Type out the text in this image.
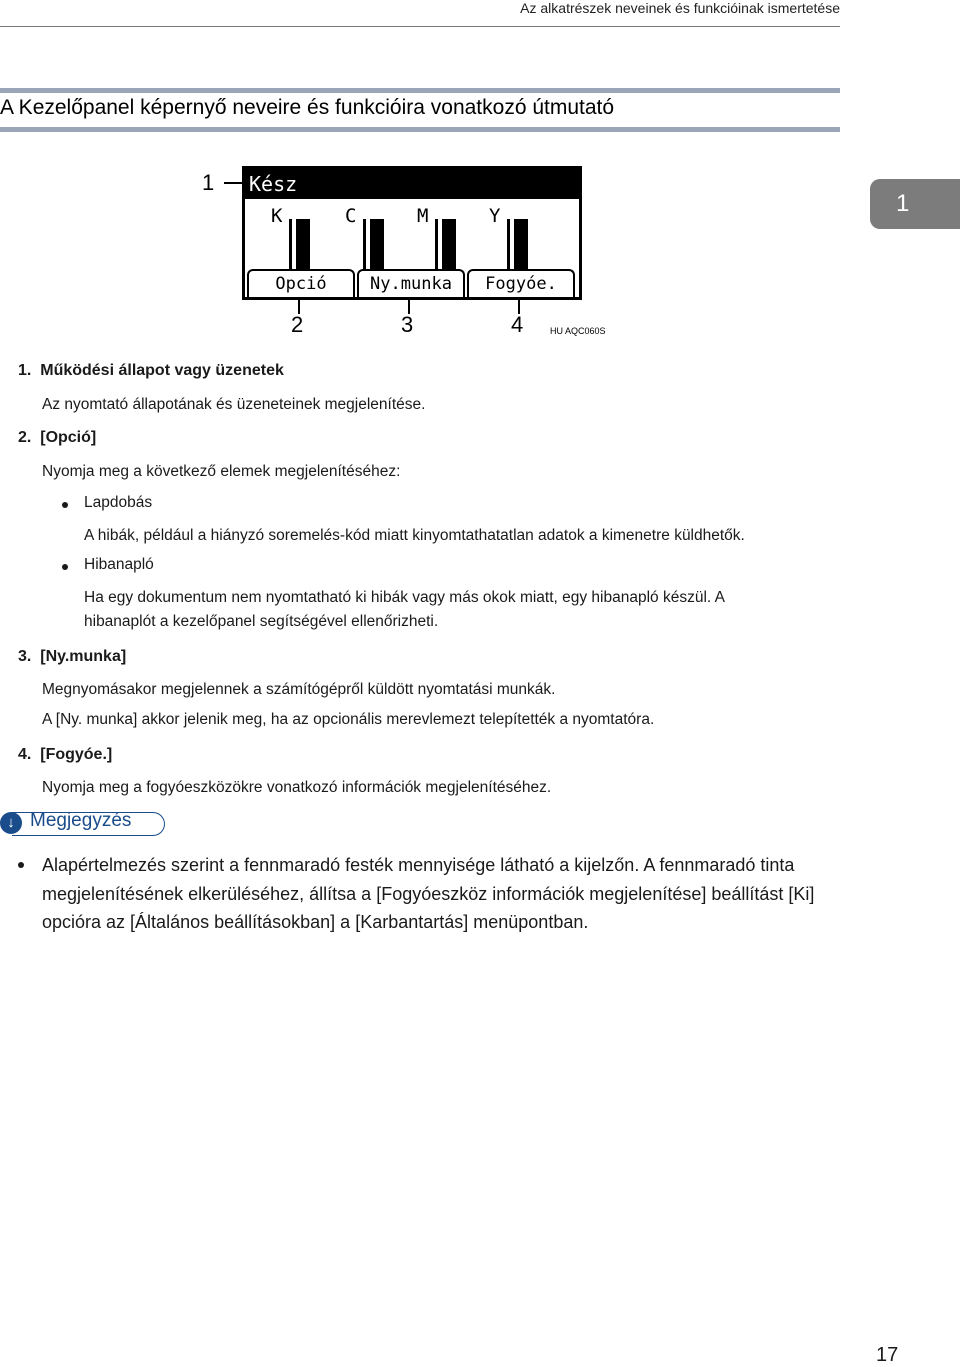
Az alkatrészek neveinek és funkcióinak ismertetése
A Kezelőpanel képernyő neveire és funkcióira vonatkozó útmutató
1
1 Kész
K	C	M	Y
Opció	Ny.munka	Fogyóe.
2	3	4	HU AQC060S
1. Működési állapot vagy üzenetek
Az nyomtató állapotának és üzeneteinek megjelenítése.
2. [Opció]
Nyomja meg a következő elemek megjelenítéséhez:
Lapdobás
A hibák, például a hiányzó soremelés-kód miatt kinyomtathatatlan adatok a kimenetre küldhetők.
Hibanapló
Ha egy dokumentum nem nyomtatható ki hibák vagy más okok miatt, egy hibanapló készül. A hibanaplót a kezelőpanel segítségével ellenőrizheti.
3. [Ny.munka]
Megnyomásakor megjelennek a számítógépről küldött nyomtatási munkák.
A [Ny. munka] akkor jelenik meg, ha az opcionális merevlemezt telepítették a nyomtatóra.
4. [Fogyóe.]
Nyomja meg a fogyóeszközökre vonatkozó információk megjelenítéséhez.
↓ Megjegyzés
Alapértelmezés szerint a fennmaradó festék mennyisége látható a kijelzőn. A fennmaradó tinta megjelenítésének elkerüléséhez, állítsa a [Fogyóeszköz információk megjelenítése] beállítást [Ki] opcióra az [Általános beállításokban] a [Karbantartás] menüpontban.
17
